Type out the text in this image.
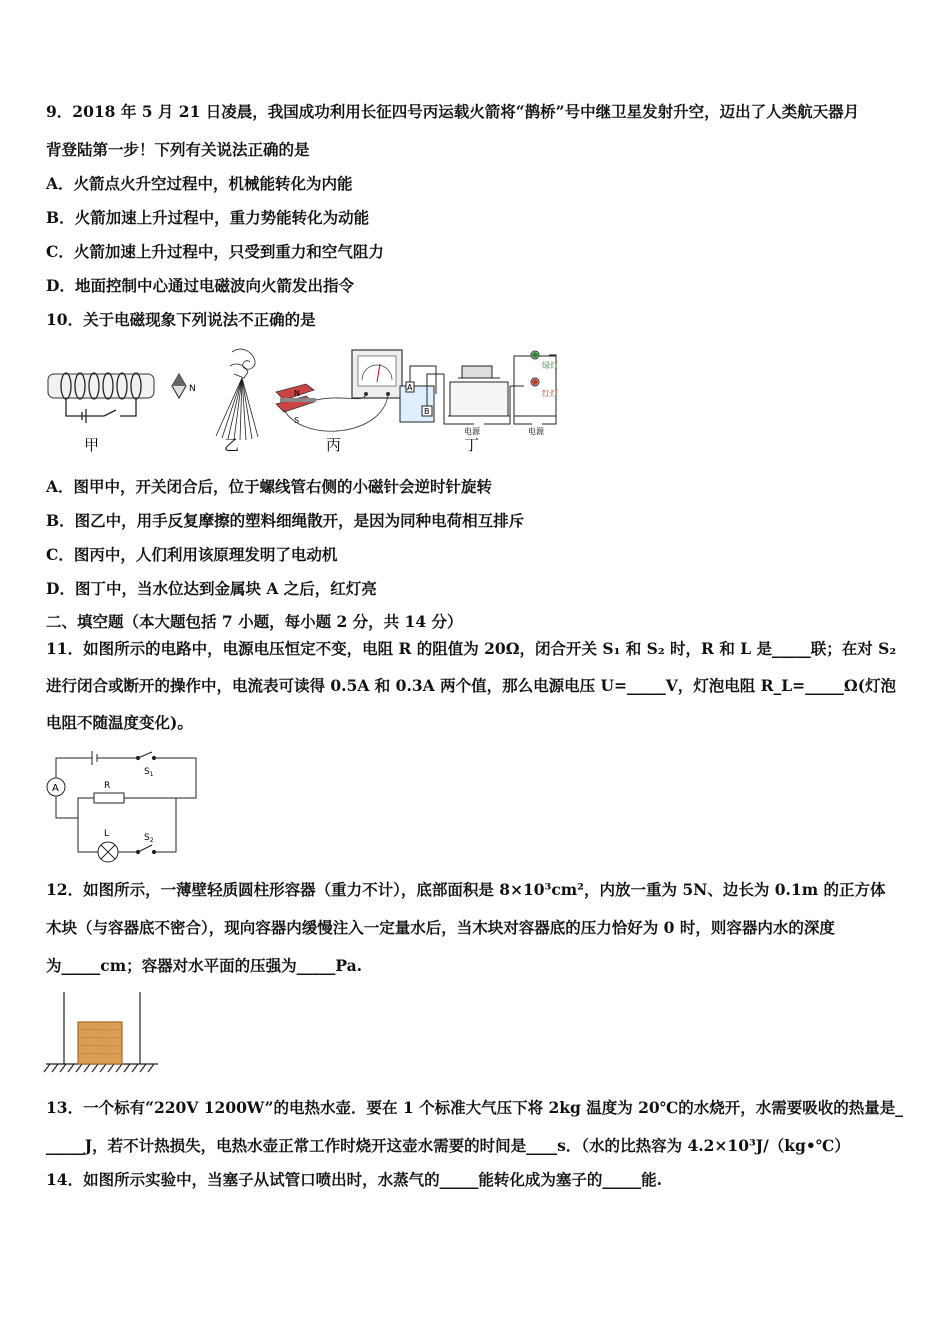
9．2018 年 5 月 21 日凌晨，我国成功利用长征四号丙运载火箭将“鹊桥”号中继卫星发射升空，迈出了人类航天器月
背登陆第一步！下列有关说法正确的是
A．火箭点火升空过程中，机械能转化为内能
B．火箭加速上升过程中，重力势能转化为动能
C．火箭加速上升过程中，只受到重力和空气阻力
D．地面控制中心通过电磁波向火箭发出指令
10．关于电磁现象下列说法不正确的是
N	N
S
A
B
电源	电源
绿灯
红灯
甲	乙	丙	丁
A．图甲中，开关闭合后，位于螺线管右侧的小磁针会逆时针旋转
B．图乙中，用手反复摩擦的塑料细绳散开，是因为同种电荷相互排斥
C．图丙中，人们利用该原理发明了电动机
D．图丁中，当水位达到金属块 A 之后，红灯亮
二、填空题（本大题包括 7 小题，每小题 2 分，共 14 分）
11．如图所示的电路中，电源电压恒定不变，电阻 R 的阻值为 20Ω，闭合开关 S₁ 和 S₂ 时，R 和 L 是_____联；在对 S₂
进行闭合或断开的操作中，电流表可读得 0.5A 和 0.3A 两个值，那么电源电压 U=_____V，灯泡电阻 R_L=_____Ω(灯泡
电阻不随温度变化)。
A
$S_1$
R
L	$S_2$
12．如图所示，一薄壁轻质圆柱形容器（重力不计），底部面积是 8×10³cm²，内放一重为 5N、边长为 0.1m 的正方体
木块（与容器底不密合），现向容器内缓慢注入一定量水后，当木块对容器底的压力恰好为 0 时，则容器内水的深度
为_____cm；容器对水平面的压强为_____Pa.
13．一个标有“220V 1200W”的电热水壶．要在 1 个标准大气压下将 2kg 温度为 20℃的水烧开，水需要吸收的热量是_
_____J，若不计热损失，电热水壶正常工作时烧开这壶水需要的时间是____s．（水的比热容为 4.2×10³J/（kg•℃）
14．如图所示实验中，当塞子从试管口喷出时，水蒸气的_____能转化成为塞子的_____能.
